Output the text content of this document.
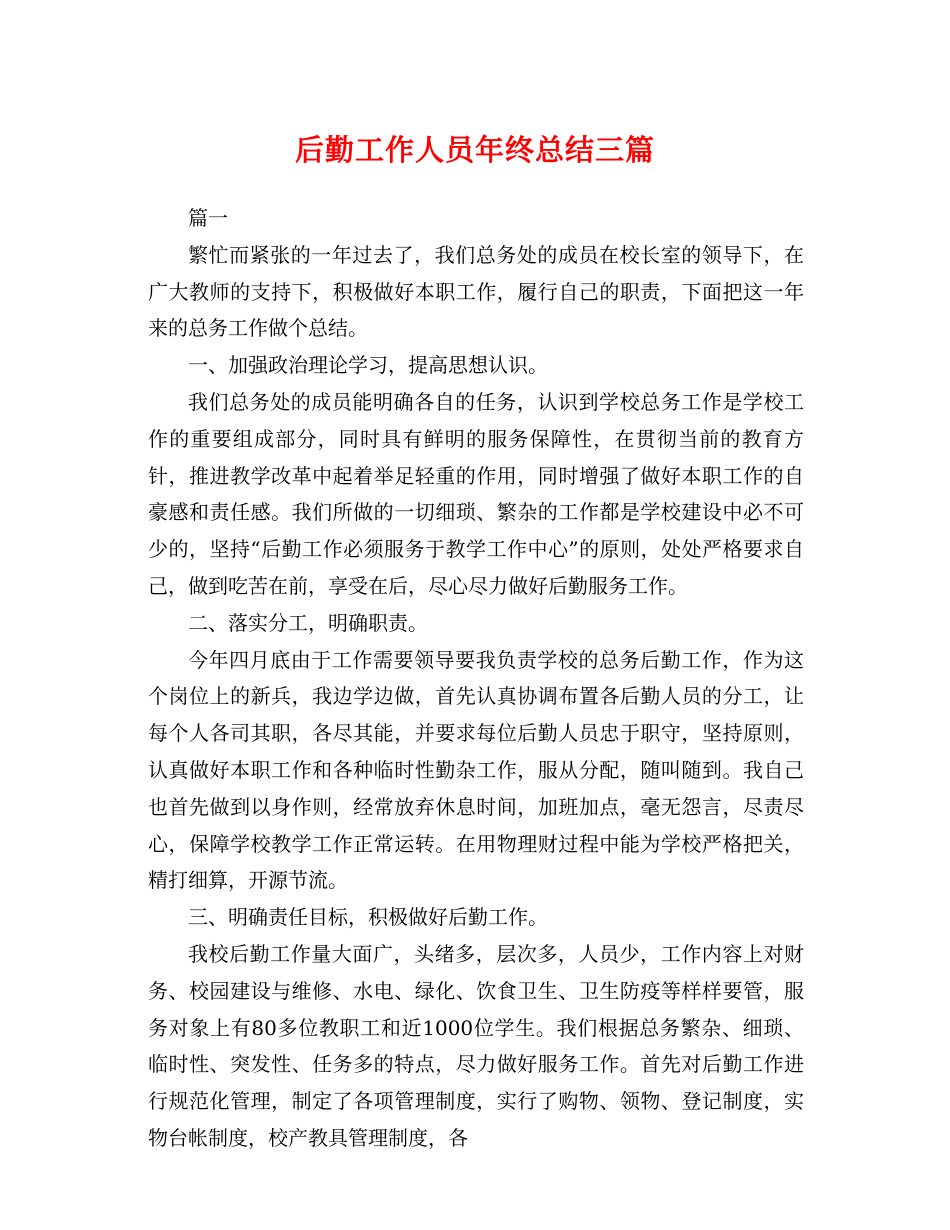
后勤工作人员年终总结三篇

篇一

繁忙而紧张的一年过去了，我们总务处的成员在校长室的领导下，在广大教师的支持下，积极做好本职工作，履行自己的职责，下面把这一年来的总务工作做个总结。

一、加强政治理论学习，提高思想认识。

我们总务处的成员能明确各自的任务，认识到学校总务工作是学校工作的重要组成部分，同时具有鲜明的服务保障性，在贯彻当前的教育方针，推进教学改革中起着举足轻重的作用，同时增强了做好本职工作的自豪感和责任感。我们所做的一切细琐、繁杂的工作都是学校建设中必不可少的，坚持“后勤工作必须服务于教学工作中心”的原则，处处严格要求自己，做到吃苦在前，享受在后，尽心尽力做好后勤服务工作。

二、落实分工，明确职责。

今年四月底由于工作需要领导要我负责学校的总务后勤工作，作为这个岗位上的新兵，我边学边做，首先认真协调布置各后勤人员的分工，让每个人各司其职，各尽其能，并要求每位后勤人员忠于职守，坚持原则，认真做好本职工作和各种临时性勤杂工作，服从分配，随叫随到。我自己也首先做到以身作则，经常放弃休息时间，加班加点，毫无怨言，尽责尽心，保障学校教学工作正常运转。在用物理财过程中能为学校严格把关，精打细算，开源节流。

三、明确责任目标，积极做好后勤工作。

我校后勤工作量大面广，头绪多，层次多，人员少，工作内容上对财务、校园建设与维修、水电、绿化、饮食卫生、卫生防疫等样样要管，服务对象上有80多位教职工和近1000位学生。我们根据总务繁杂、细琐、临时性、突发性、任务多的特点，尽力做好服务工作。首先对后勤工作进行规范化管理，制定了各项管理制度，实行了购物、领物、登记制度，实物台帐制度，校产教具管理制度，各
